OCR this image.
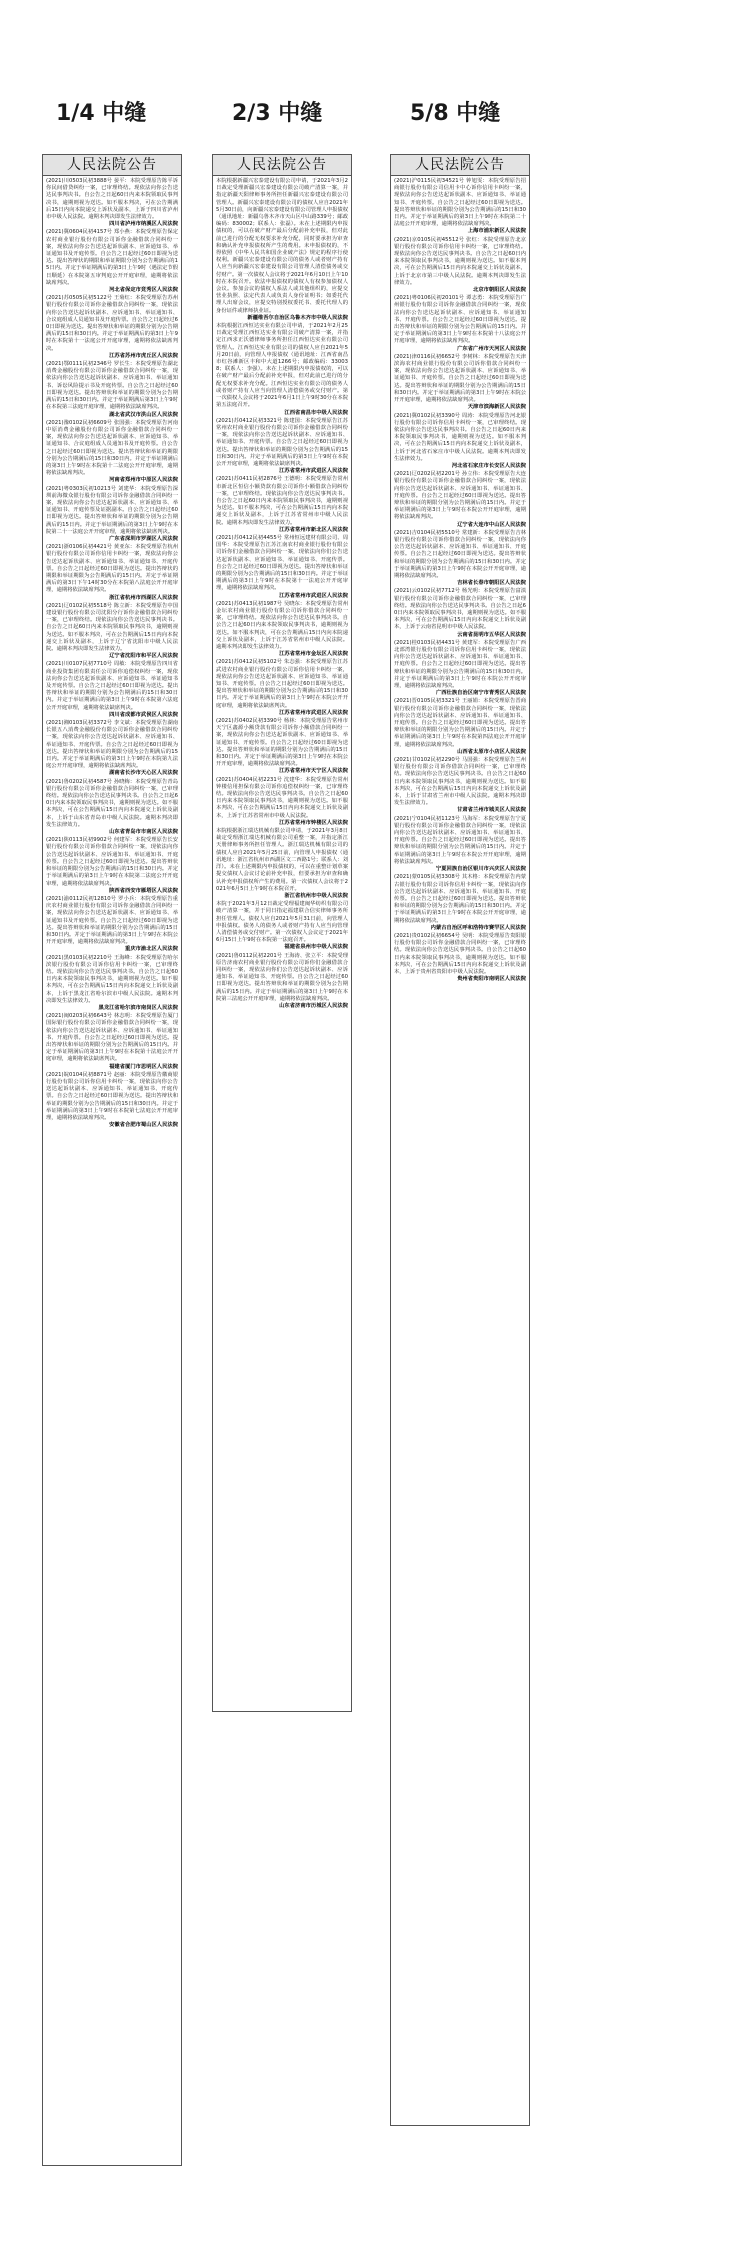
1/4 中缝	2/3 中缝	5/8 中缝
人民法院公告
(2021)川0503民初3888号 晏平：本院受理原告陈平诉你民间借贷纠纷一案，已审理终结。现依法向你公告送达民事判决书。自公告之日起60日内来本院领取民事判决书，逾期则视为送达。如不服本判决，可在公告期满后15日内向本院递交上诉状及副本，上诉于四川省泸州市中级人民法院。逾期本判决即发生法律效力。
四川省泸州市纳溪区人民法院
(2021)冀0604民初4157号 郑小燕：本院受理原告保定农村商业银行股份有限公司诉你金融借款合同纠纷一案，现依法向你公告送达起诉状副本、应诉通知书、举证通知书及开庭传票。自公告之日起经过60日即视为送达。提出答辩状的期限和举证期限分别为公告期满后的15日内。并定于举证期满后的第3日上午9时（遇法定节假日顺延）在本院第五审判庭公开开庭审理，逾期将依法缺席判决。
河北省保定市竞秀区人民法院
(2021)苏0505民初5122号 王菊红：本院受理原告苏州银行股份有限公司诉你金融借款合同纠纷一案，现依法向你公告送达起诉状副本、应诉通知书、举证通知书、合议庭组成人员通知书及开庭传票。自公告之日起经过60日即视为送达。提出答辩状和举证的期限分别为公告期满后的15日和30日内。并定于举证期满后的第3日上午9时在本院第十一法庭公开开庭审理，逾期将依法缺席判决。
江苏省苏州市虎丘区人民法院
(2021)鄂0111民初2346号 罗长生：本院受理原告湖北消费金融股份有限公司诉你金融借款合同纠纷一案，现依法向你公告送达起诉状副本、应诉通知书、举证通知书、诉讼风险提示书及开庭传票。自公告之日起经过60日即视为送达。提出答辩状和举证的期限分别为公告期满后的15日和30日内。并定于举证期满后第3日上午9时在本院第三法庭开庭审理，逾期将依法缺席判决。
湖北省武汉市洪山区人民法院
(2021)豫0102民初6609号 张国强：本院受理原告河南中原消费金融股份有限公司诉你金融借款合同纠纷一案，现依法向你公告送达起诉状副本、应诉通知书、举证通知书、合议庭组成人员通知书及开庭传票。自公告之日起经过60日即视为送达。提出答辩状和举证的期限分别为公告期满后的15日和30日内。并定于举证期满后的第3日上午9时在本院第十二法庭公开开庭审理，逾期将依法缺席判决。
河南省郑州市中原区人民法院
(2021)粤0303民初10213号 刘建华：本院受理原告深圳前海微众银行股份有限公司诉你金融借款合同纠纷一案，现依法向你公告送达起诉状副本、应诉通知书、举证通知书、开庭传票及证据副本。自公告之日起经过60日即视为送达。提出答辩状和举证的期限分别为公告期满后的15日内。并定于举证期满后的第3日上午9时在本院第二十一法庭公开开庭审理，逾期将依法缺席判决。
广东省深圳市罗湖区人民法院
(2021)浙0106民初4421号 黄亚东：本院受理原告杭州银行股份有限公司诉你信用卡纠纷一案，现依法向你公告送达起诉状副本、应诉通知书、举证通知书、开庭传票。自公告之日起经过60日即视为送达。提出答辩状的期限和举证期限为公告期满后的15日内。并定于举证期满后的第3日下午14时30分在本院第八法庭公开开庭审理，逾期将依法缺席判决。
浙江省杭州市西湖区人民法院
(2021)辽0102民初5518号 陈立新：本院受理原告中国建设银行股份有限公司沈阳分行诉你金融借款合同纠纷一案，已审理终结。现依法向你公告送达民事判决书。自公告之日起60日内来本院领取民事判决书，逾期则视为送达。如不服本判决，可在公告期满后15日内向本院递交上诉状及副本，上诉于辽宁省沈阳市中级人民法院。逾期本判决即发生法律效力。
辽宁省沈阳市和平区人民法院
(2021)川0107民初7710号 周敏：本院受理原告四川省商业投资集团有限责任公司诉你追偿权纠纷一案，现依法向你公告送达起诉状副本、应诉通知书、举证通知书及开庭传票。自公告之日起经过60日即视为送达。提出答辩状和举证的期限分别为公告期满后的15日和30日内。并定于举证期满后的第3日上午9时在本院第六法庭公开开庭审理，逾期将依法缺席判决。
四川省成都市武侯区人民法院
(2021)湘0103民初3372号 李文斌：本院受理原告湖南长银五八消费金融股份有限公司诉你金融借款合同纠纷一案，现依法向你公告送达起诉状副本、应诉通知书、举证通知书、开庭传票。自公告之日起经过60日即视为送达。提出答辩状和举证的期限分别为公告期满后的15日内。并定于举证期满后的第3日上午9时在本院第九法庭公开开庭审理，逾期将依法缺席判决。
湖南省长沙市天心区人民法院
(2021)鲁0202民初4587号 孙晓梅：本院受理原告青岛银行股份有限公司诉你金融借款合同纠纷一案，已审理终结。现依法向你公告送达民事判决书。自公告之日起60日内来本院领取民事判决书，逾期则视为送达。如不服本判决，可在公告期满后15日内向本院递交上诉状及副本，上诉于山东省青岛市中级人民法院。逾期本判决即发生法律效力。
山东省青岛市市南区人民法院
(2021)陕0113民初9902号 何建军：本院受理原告长安银行股份有限公司诉你借款合同纠纷一案，现依法向你公告送达起诉状副本、应诉通知书、举证通知书、开庭传票。自公告之日起经过60日即视为送达。提出答辩状和举证的期限分别为公告期满后的15日和30日内。并定于举证期满后的第3日上午9时在本院第二法庭公开开庭审理，逾期将依法缺席判决。
陕西省西安市雁塔区人民法院
(2021)渝0112民初12810号 罗小兵：本院受理原告重庆农村商业银行股份有限公司诉你金融借款合同纠纷一案，现依法向你公告送达起诉状副本、应诉通知书、举证通知书及开庭传票。自公告之日起经过60日即视为送达。提出答辩状和举证的期限分别为公告期满后的15日和30日内。并定于举证期满后的第3日上午9时在本院公开开庭审理，逾期将依法缺席判决。
重庆市渝北区人民法院
(2021)黑0103民初2210号 王海峰：本院受理原告哈尔滨银行股份有限公司诉你信用卡纠纷一案，已审理终结。现依法向你公告送达民事判决书。自公告之日起60日内来本院领取民事判决书，逾期则视为送达。如不服本判决，可在公告期满后15日内向本院递交上诉状及副本，上诉于黑龙江省哈尔滨市中级人民法院。逾期本判决即发生法律效力。
黑龙江省哈尔滨市南岗区人民法院
(2021)闽0203民初6643号 林志明：本院受理原告厦门国际银行股份有限公司诉你金融借款合同纠纷一案，现依法向你公告送达起诉状副本、应诉通知书、举证通知书、开庭传票。自公告之日起经过60日即视为送达。提出答辩状和举证的期限分别为公告期满后的15日内。并定于举证期满后的第3日上午9时在本院第十法庭公开开庭审理，逾期将依法缺席判决。
福建省厦门市思明区人民法院
(2021)皖0104民初8871号 赵丽：本院受理原告徽商银行股份有限公司诉你信用卡纠纷一案，现依法向你公告送达起诉状副本、应诉通知书、举证通知书、开庭传票。自公告之日起经过60日即视为送达。提出答辩状和举证的期限分别为公告期满后的15日和30日内。并定于举证期满后的第3日上午9时在本院第七法庭公开开庭审理，逾期将依法缺席判决。
安徽省合肥市蜀山区人民法院
人民法院公告
本院根据新疆兴宏泰建设有限公司申请，于2021年3月2日裁定受理新疆兴宏泰建设有限公司破产清算一案，并指定新疆天阳律师事务所担任新疆兴宏泰建设有限公司管理人。新疆兴宏泰建设有限公司的债权人应自2021年5月30日前，向新疆兴宏泰建设有限公司管理人申报债权（通讯地址：新疆乌鲁木齐市天山区中山路339号；邮政编码：830002；联系人：张磊）。未在上述期限内申报债权的，可以在破产财产最后分配前补充申报，但对此前已进行的分配无权要求补充分配，同时要承担为审查和确认补充申报债权所产生的费用。未申报债权的，不得依照《中华人民共和国企业破产法》规定的程序行使权利。新疆兴宏泰建设有限公司的债务人或者财产持有人应当向新疆兴宏泰建设有限公司管理人清偿债务或交付财产。第一次债权人会议将于2021年6月10日上午10时在本院召开。依法申报债权的债权人有权参加债权人会议。参加会议的债权人系法人或其他组织的，应提交营业执照、法定代表人或负责人身份证明书；如委托代理人出席会议，应提交特别授权委托书、委托代理人的身份证件或律师执业证。
新疆维吾尔自治区乌鲁木齐市中级人民法院
本院根据江西恒达实业有限公司申请，于2021年2月25日裁定受理江西恒达实业有限公司破产清算一案，并指定江西求正沃德律师事务所担任江西恒达实业有限公司管理人。江西恒达实业有限公司的债权人应自2021年5月20日前，向管理人申报债权（通讯地址：江西省南昌市红谷滩新区丰和中大道1266号；邮政编码：330038；联系人：李强）。未在上述期限内申报债权的，可以在破产财产最后分配前补充申报，但对此前已进行的分配无权要求补充分配。江西恒达实业有限公司的债务人或者财产持有人应当向管理人清偿债务或交付财产。第一次债权人会议将于2021年6月1日上午9时30分在本院第五法庭召开。
江西省南昌市中级人民法院
(2021)苏0412民初3321号 陈建国：本院受理原告江苏常州农村商业银行股份有限公司诉你金融借款合同纠纷一案，现依法向你公告送达起诉状副本、应诉通知书、举证通知书、开庭传票。自公告之日起经过60日即视为送达。提出答辩状和举证的期限分别为公告期满后的15日和30日内。并定于举证期满后的第3日上午9时在本院公开开庭审理，逾期将依法缺席判决。
江苏省常州市武进区人民法院
(2021)苏0411民初2876号 王德明：本院受理原告常州市新北区恒信小额贷款有限公司诉你小额借款合同纠纷一案，已审理终结。现依法向你公告送达民事判决书。自公告之日起60日内来本院领取民事判决书，逾期则视为送达。如不服本判决，可在公告期满后15日内向本院递交上诉状及副本，上诉于江苏省常州市中级人民法院。逾期本判决即发生法律效力。
江苏省常州市新北区人民法院
(2021)苏0412民初4455号 常州恒远建材有限公司、周国华：本院受理原告江苏江南农村商业银行股份有限公司诉你们金融借款合同纠纷一案，现依法向你们公告送达起诉状副本、应诉通知书、举证通知书、开庭传票。自公告之日起经过60日即视为送达。提出答辩状和举证的期限分别为公告期满后的15日和30日内。并定于举证期满后的第3日上午9时在本院第十一法庭公开开庭审理，逾期将依法缺席判决。
江苏省常州市武进区人民法院
(2021)苏0413民初1987号 吴晓东：本院受理原告常州金坛农村商业银行股份有限公司诉你借款合同纠纷一案，已审理终结。现依法向你公告送达民事判决书。自公告之日起60日内来本院领取民事判决书，逾期则视为送达。如不服本判决，可在公告期满后15日内向本院递交上诉状及副本，上诉于江苏省常州市中级人民法院。逾期本判决即发生法律效力。
江苏省常州市金坛区人民法院
(2021)苏0412民初5102号 朱志强：本院受理原告江苏武进农村商业银行股份有限公司诉你信用卡纠纷一案，现依法向你公告送达起诉状副本、应诉通知书、举证通知书、开庭传票。自公告之日起经过60日即视为送达。提出答辩状和举证的期限分别为公告期满后的15日和30日内。并定于举证期满后的第3日上午9时在本院公开开庭审理，逾期将依法缺席判决。
江苏省常州市武进区人民法院
(2021)苏0402民初3390号 杨林：本院受理原告常州市天宁区鑫源小额贷款有限公司诉你小额借款合同纠纷一案，现依法向你公告送达起诉状副本、应诉通知书、举证通知书、开庭传票。自公告之日起经过60日即视为送达。提出答辩状和举证的期限分别为公告期满后的15日和30日内。并定于举证期满后的第3日上午9时在本院公开开庭审理，逾期将依法缺席判决。
江苏省常州市天宁区人民法院
(2021)苏0404民初2231号 沈建华：本院受理原告常州钟楼信用担保有限公司诉你追偿权纠纷一案，已审理终结。现依法向你公告送达民事判决书。自公告之日起60日内来本院领取民事判决书，逾期则视为送达。如不服本判决，可在公告期满后15日内向本院递交上诉状及副本，上诉于江苏省常州市中级人民法院。
江苏省常州市钟楼区人民法院
本院根据浙江瑞达机械有限公司申请，于2021年3月8日裁定受理浙江瑞达机械有限公司重整一案，并指定浙江天册律师事务所担任管理人。浙江瑞达机械有限公司的债权人应自2021年5月25日前，向管理人申报债权（通讯地址：浙江省杭州市西湖区文二西路1号；联系人：刘洋）。未在上述期限内申报债权的，可以在重整计划草案提交债权人会议讨论前补充申报，但要承担为审查和确认补充申报债权所产生的费用。第一次债权人会议将于2021年6月5日上午9时在本院召开。
浙江省杭州市中级人民法院
本院于2021年3月12日裁定受理福建闽华纺织有限公司破产清算一案，并于同日指定福建联合信实律师事务所担任管理人。债权人应自2021年5月31日前，向管理人申报债权。债务人的债务人或者财产持有人应当向管理人清偿债务或交付财产。第一次债权人会议定于2021年6月15日上午9时在本院第一法庭召开。
福建省泉州市中级人民法院
(2021)鲁0112民初2201号 王海涛、张立平：本院受理原告济南农村商业银行股份有限公司诉你们金融借款合同纠纷一案，现依法向你们公告送达起诉状副本、应诉通知书、举证通知书、开庭传票。自公告之日起经过60日即视为送达。提出答辩状和举证的期限分别为公告期满后的15日内。并定于举证期满后的第3日上午9时在本院第三法庭公开开庭审理，逾期将依法缺席判决。
山东省济南市历城区人民法院
人民法院公告
(2021)沪0115民初34521号 钟旭雯：本院受理原告招商银行股份有限公司信用卡中心诉你信用卡纠纷一案，现依法向你公告送达起诉状副本、应诉通知书、举证通知书、开庭传票。自公告之日起经过60日即视为送达。提出答辩状和举证的期限分别为公告期满后的15日和30日内。并定于举证期满后的第3日上午9时在本院第二十法庭公开开庭审理，逾期将依法缺席判决。
上海市浦东新区人民法院
(2021)京0105民初45512号 张红：本院受理原告北京银行股份有限公司诉你信用卡纠纷一案，已审理终结。现依法向你公告送达民事判决书。自公告之日起60日内来本院领取民事判决书，逾期则视为送达。如不服本判决，可在公告期满后15日内向本院递交上诉状及副本，上诉于北京市第三中级人民法院。逾期本判决即发生法律效力。
北京市朝阳区人民法院
(2021)粤0106民初20101号 谭志勇：本院受理原告广州银行股份有限公司诉你金融借款合同纠纷一案，现依法向你公告送达起诉状副本、应诉通知书、举证通知书、开庭传票。自公告之日起经过60日即视为送达。提出答辩状和举证的期限分别为公告期满后的15日内。并定于举证期满后的第3日上午9时在本院第十八法庭公开开庭审理，逾期将依法缺席判决。
广东省广州市天河区人民法院
(2021)津0116民初6652号 李树林：本院受理原告天津滨海农村商业银行股份有限公司诉你借款合同纠纷一案，现依法向你公告送达起诉状副本、应诉通知书、举证通知书、开庭传票。自公告之日起经过60日即视为送达。提出答辩状和举证的期限分别为公告期满后的15日和30日内。并定于举证期满后的第3日上午9时在本院公开开庭审理，逾期将依法缺席判决。
天津市滨海新区人民法院
(2021)冀0102民初3390号 周涛：本院受理原告河北银行股份有限公司诉你信用卡纠纷一案，已审理终结。现依法向你公告送达民事判决书。自公告之日起60日内来本院领取民事判决书，逾期则视为送达。如不服本判决，可在公告期满后15日内向本院递交上诉状及副本，上诉于河北省石家庄市中级人民法院。逾期本判决即发生法律效力。
河北省石家庄市长安区人民法院
(2021)辽0202民初2201号 孙立伟：本院受理原告大连银行股份有限公司诉你金融借款合同纠纷一案，现依法向你公告送达起诉状副本、应诉通知书、举证通知书、开庭传票。自公告之日起经过60日即视为送达。提出答辩状和举证的期限分别为公告期满后的15日内。并定于举证期满后的第3日上午9时在本院公开开庭审理，逾期将依法缺席判决。
辽宁省大连市中山区人民法院
(2021)吉0104民初5510号 常建新：本院受理原告吉林银行股份有限公司诉你借款合同纠纷一案，现依法向你公告送达起诉状副本、应诉通知书、举证通知书、开庭传票。自公告之日起经过60日即视为送达。提出答辩状和举证的期限分别为公告期满后的15日和30日内。并定于举证期满后的第3日上午9时在本院公开开庭审理，逾期将依法缺席判决。
吉林省长春市朝阳区人民法院
(2021)云0102民初7712号 杨光明：本院受理原告富滇银行股份有限公司诉你金融借款合同纠纷一案，已审理终结。现依法向你公告送达民事判决书。自公告之日起60日内来本院领取民事判决书，逾期则视为送达。如不服本判决，可在公告期满后15日内向本院递交上诉状及副本，上诉于云南省昆明市中级人民法院。
云南省昆明市五华区人民法院
(2021)桂0103民初4431号 黄建军：本院受理原告广西北部湾银行股份有限公司诉你信用卡纠纷一案，现依法向你公告送达起诉状副本、应诉通知书、举证通知书、开庭传票。自公告之日起经过60日即视为送达。提出答辩状和举证的期限分别为公告期满后的15日和30日内。并定于举证期满后的第3日上午9时在本院公开开庭审理，逾期将依法缺席判决。
广西壮族自治区南宁市青秀区人民法院
(2021)晋0105民初3321号 王丽娟：本院受理原告晋商银行股份有限公司诉你金融借款合同纠纷一案，现依法向你公告送达起诉状副本、应诉通知书、举证通知书、开庭传票。自公告之日起经过60日即视为送达。提出答辩状和举证的期限分别为公告期满后的15日内。并定于举证期满后的第3日上午9时在本院第四法庭公开开庭审理，逾期将依法缺席判决。
山西省太原市小店区人民法院
(2021)甘0102民初2290号 马国强：本院受理原告兰州银行股份有限公司诉你借款合同纠纷一案，已审理终结。现依法向你公告送达民事判决书。自公告之日起60日内来本院领取民事判决书，逾期则视为送达。如不服本判决，可在公告期满后15日内向本院递交上诉状及副本，上诉于甘肃省兰州市中级人民法院。逾期本判决即发生法律效力。
甘肃省兰州市城关区人民法院
(2021)宁0104民初1123号 马海军：本院受理原告宁夏银行股份有限公司诉你金融借款合同纠纷一案，现依法向你公告送达起诉状副本、应诉通知书、举证通知书、开庭传票。自公告之日起经过60日即视为送达。提出答辩状和举证的期限分别为公告期满后的15日内。并定于举证期满后的第3日上午9时在本院公开开庭审理，逾期将依法缺席判决。
宁夏回族自治区银川市兴庆区人民法院
(2021)蒙0105民初3308号 其木格：本院受理原告内蒙古银行股份有限公司诉你信用卡纠纷一案，现依法向你公告送达起诉状副本、应诉通知书、举证通知书、开庭传票。自公告之日起经过60日即视为送达。提出答辩状和举证的期限分别为公告期满后的15日和30日内。并定于举证期满后的第3日上午9时在本院公开开庭审理，逾期将依法缺席判决。
内蒙古自治区呼和浩特市赛罕区人民法院
(2021)贵0102民初6654号 吴明：本院受理原告贵阳银行股份有限公司诉你金融借款合同纠纷一案，已审理终结。现依法向你公告送达民事判决书。自公告之日起60日内来本院领取民事判决书，逾期则视为送达。如不服本判决，可在公告期满后15日内向本院递交上诉状及副本，上诉于贵州省贵阳市中级人民法院。
贵州省贵阳市南明区人民法院
